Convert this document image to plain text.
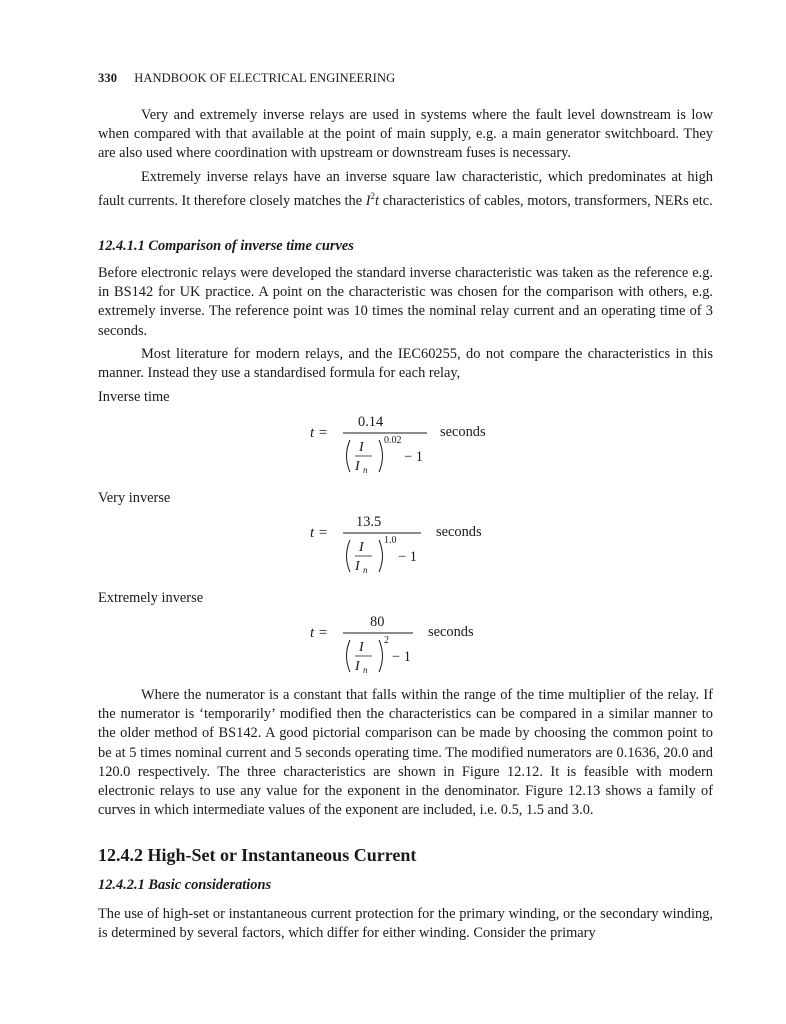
330 HANDBOOK OF ELECTRICAL ENGINEERING

Very and extremely inverse relays are used in systems where the fault level downstream is low when compared with that available at the point of main supply, e.g. a main generator switchboard. They are also used where coordination with upstream or downstream fuses is necessary.

Extremely inverse relays have an inverse square law characteristic, which predominates at high fault currents. It therefore closely matches the $I^2t$ characteristics of cables, motors, transformers, NERs etc.

12.4.1.1 Comparison of inverse time curves

Before electronic relays were developed the standard inverse characteristic was taken as the reference e.g. in BS142 for UK practice. A point on the characteristic was chosen for the comparison with others, e.g. extremely inverse. The reference point was 10 times the nominal relay current and an operating time of 3 seconds.

Most literature for modern relays, and the IEC60255, do not compare the characteristics in this manner. Instead they use a standardised formula for each relay,

Inverse time

t =
0.14
I
I n
0.02
− 1
seconds

Very inverse

t =
13.5
I
I n
1.0
− 1
seconds

Extremely inverse

t =
80
I
I n
2
− 1
seconds

Where the numerator is a constant that falls within the range of the time multiplier of the relay. If the numerator is ‘temporarily’ modified then the characteristics can be compared in a similar manner to the older method of BS142. A good pictorial comparison can be made by choosing the common point to be at 5 times nominal current and 5 seconds operating time. The modified numerators are 0.1636, 20.0 and 120.0 respectively. The three characteristics are shown in Figure 12.12. It is feasible with modern electronic relays to use any value for the exponent in the denominator. Figure 12.13 shows a family of curves in which intermediate values of the exponent are included, i.e. 0.5, 1.5 and 3.0.

12.4.2 High-Set or Instantaneous Current

12.4.2.1 Basic considerations

The use of high-set or instantaneous current protection for the primary winding, or the secondary winding, is determined by several factors, which differ for either winding. Consider the primary
